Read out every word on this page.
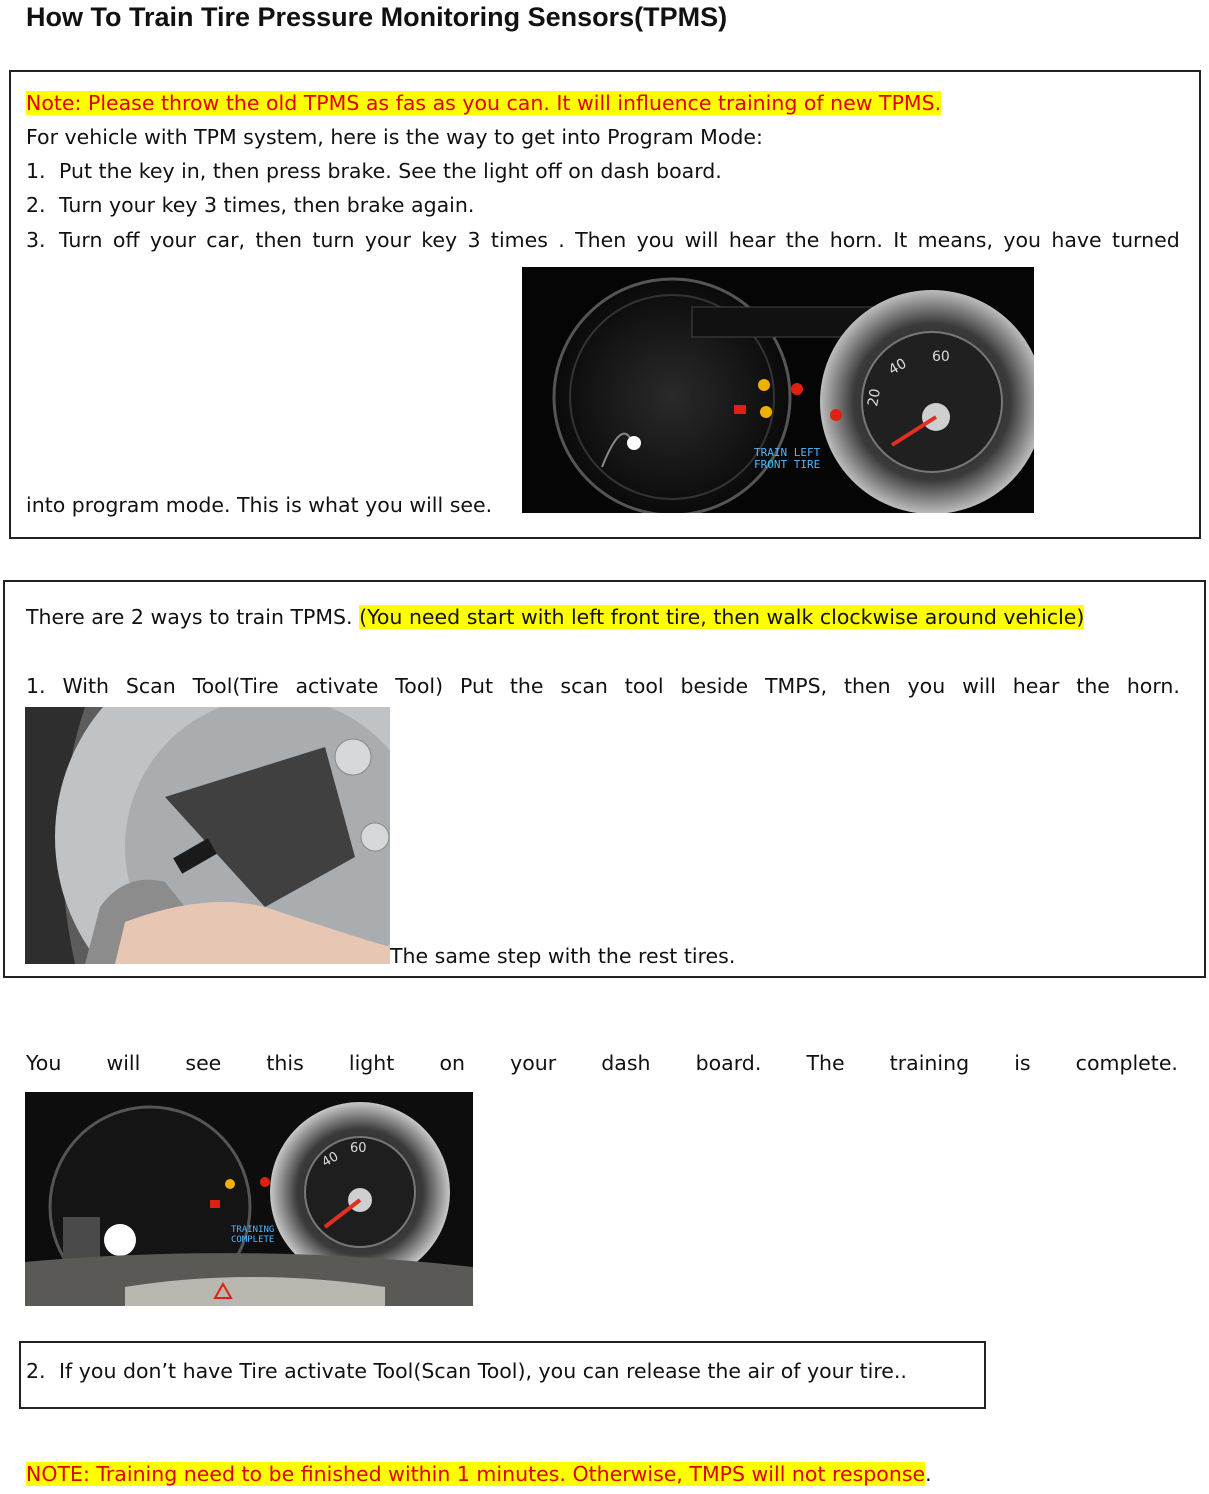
How To Train Tire Pressure Monitoring Sensors(TPMS)
Note: Please throw the old TPMS as fas as you can. It will influence training of new TPMS.
For vehicle with TPM system, here is the way to get into Program Mode:
1. Put the key in, then press brake. See the light off on dash board.
2. Turn your key 3 times, then brake again.
3. Turn off your car, then turn your key 3 times . Then you will hear the horn. It means, you have turned
into program mode. This is what you will see.
40 60
20
TRAIN LEFT
FRONT TIRE
There are 2 ways to train TPMS. (You need start with left front tire, then walk clockwise around vehicle)
1. With Scan Tool(Tire activate Tool) Put the scan tool beside TMPS, then you will hear the horn.
The same step with the rest tires.
You will see this light on your dash board. The training is complete.
40
60
TRAINING
COMPLETE
2. If you don’t have Tire activate Tool(Scan Tool), you can release the air of your tire..
NOTE: Training need to be finished within 1 minutes. Otherwise, TMPS will not response.
